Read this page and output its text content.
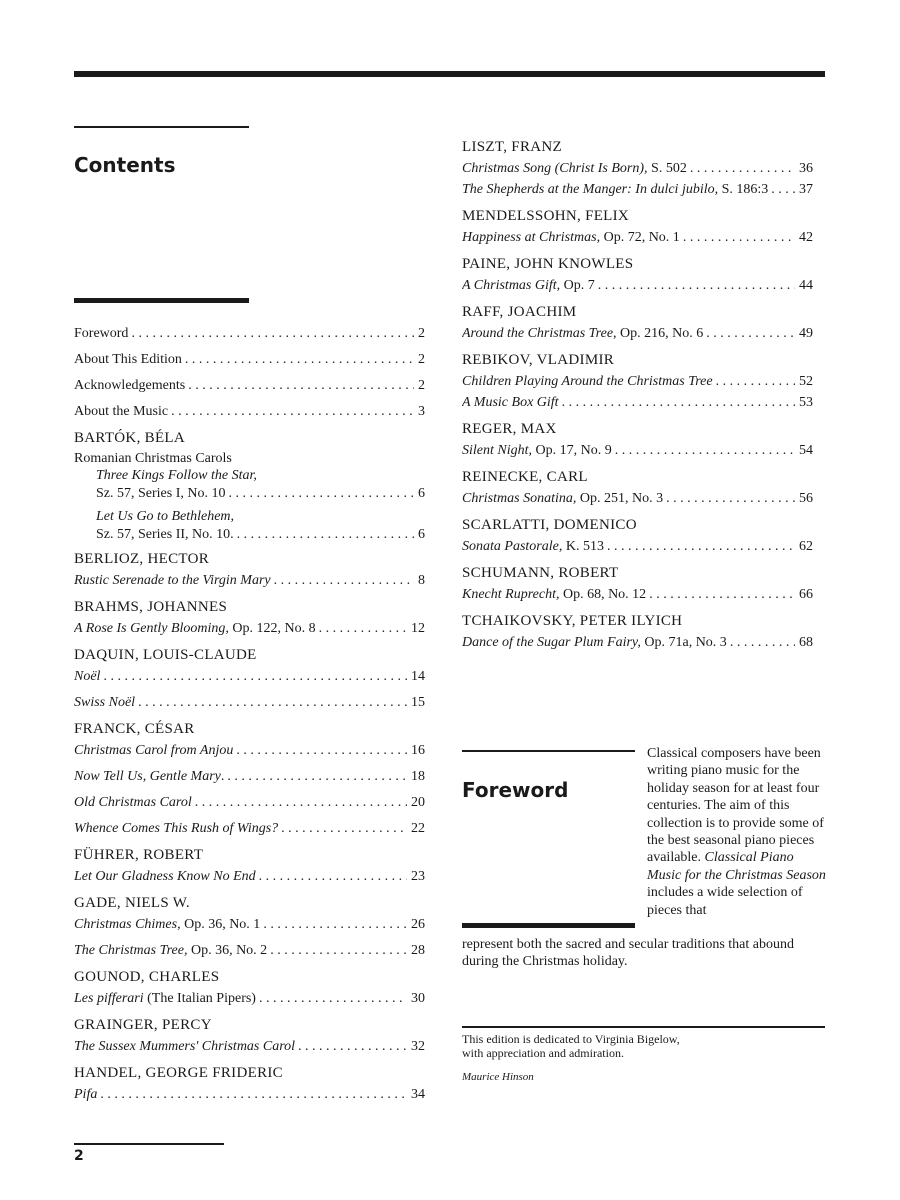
Contents
Foreword . . .	2
About This Edition . . .	2
Acknowledgements . . .	2
About the Music . . .	3
BARTÓK, BÉLA
Romanian Christmas Carols
Three Kings Follow the Star,
Sz. 57, Series I, No. 10 . . .	6
Let Us Go to Bethlehem,
Sz. 57, Series II, No. 10. . . .	6
BERLIOZ, HECTOR
Rustic Serenade to the Virgin Mary . . .	8
BRAHMS, JOHANNES
A Rose Is Gently Blooming, Op. 122, No. 8 . . .	12
DAQUIN, LOUIS-CLAUDE
Noël . . .	14
Swiss Noël . . .	15
FRANCK, CÉSAR
Christmas Carol from Anjou . . .	16
Now Tell Us, Gentle Mary. . . .	18
Old Christmas Carol . . .	20
Whence Comes This Rush of Wings? . . .	22
FÜHRER, ROBERT
Let Our Gladness Know No End . . .	23
GADE, NIELS W.
Christmas Chimes, Op. 36, No. 1 . . .	26
The Christmas Tree, Op. 36, No. 2 . . .	28
GOUNOD, CHARLES
Les pifferari (The Italian Pipers) . . .	30
GRAINGER, PERCY
The Sussex Mummers' Christmas Carol . . .	32
HANDEL, GEORGE FRIDERIC
Pifa . . .	34
LISZT, FRANZ
Christmas Song (Christ Is Born), S. 502 . . .	36
The Shepherds at the Manger: In dulci jubilo, S. 186:3 . . . 37
MENDELSSOHN, FELIX
Happiness at Christmas, Op. 72, No. 1 . . .	42
PAINE, JOHN KNOWLES
A Christmas Gift, Op. 7 . . .	44
RAFF, JOACHIM
Around the Christmas Tree, Op. 216, No. 6 . . .	49
REBIKOV, VLADIMIR
Children Playing Around the Christmas Tree . . .	52
A Music Box Gift . . .	53
REGER, MAX
Silent Night, Op. 17, No. 9 . . .	54
REINECKE, CARL
Christmas Sonatina, Op. 251, No. 3 . . .	56
SCARLATTI, DOMENICO
Sonata Pastorale, K. 513 . . .	62
SCHUMANN, ROBERT
Knecht Ruprecht, Op. 68, No. 12 . . .	66
TCHAIKOVSKY, PETER ILYICH
Dance of the Sugar Plum Fairy, Op. 71a, No. 3 . . .	68
Foreword
Classical composers have been writing piano music for the holiday season for at least four centuries. The aim of this collection is to provide some of the best seasonal piano pieces available. Classical Piano Music for the Christmas Season includes a wide selection of pieces that
represent both the sacred and secular traditions that abound during the Christmas holiday.
This edition is dedicated to Virginia Bigelow,
with appreciation and admiration.
Maurice Hinson
2
